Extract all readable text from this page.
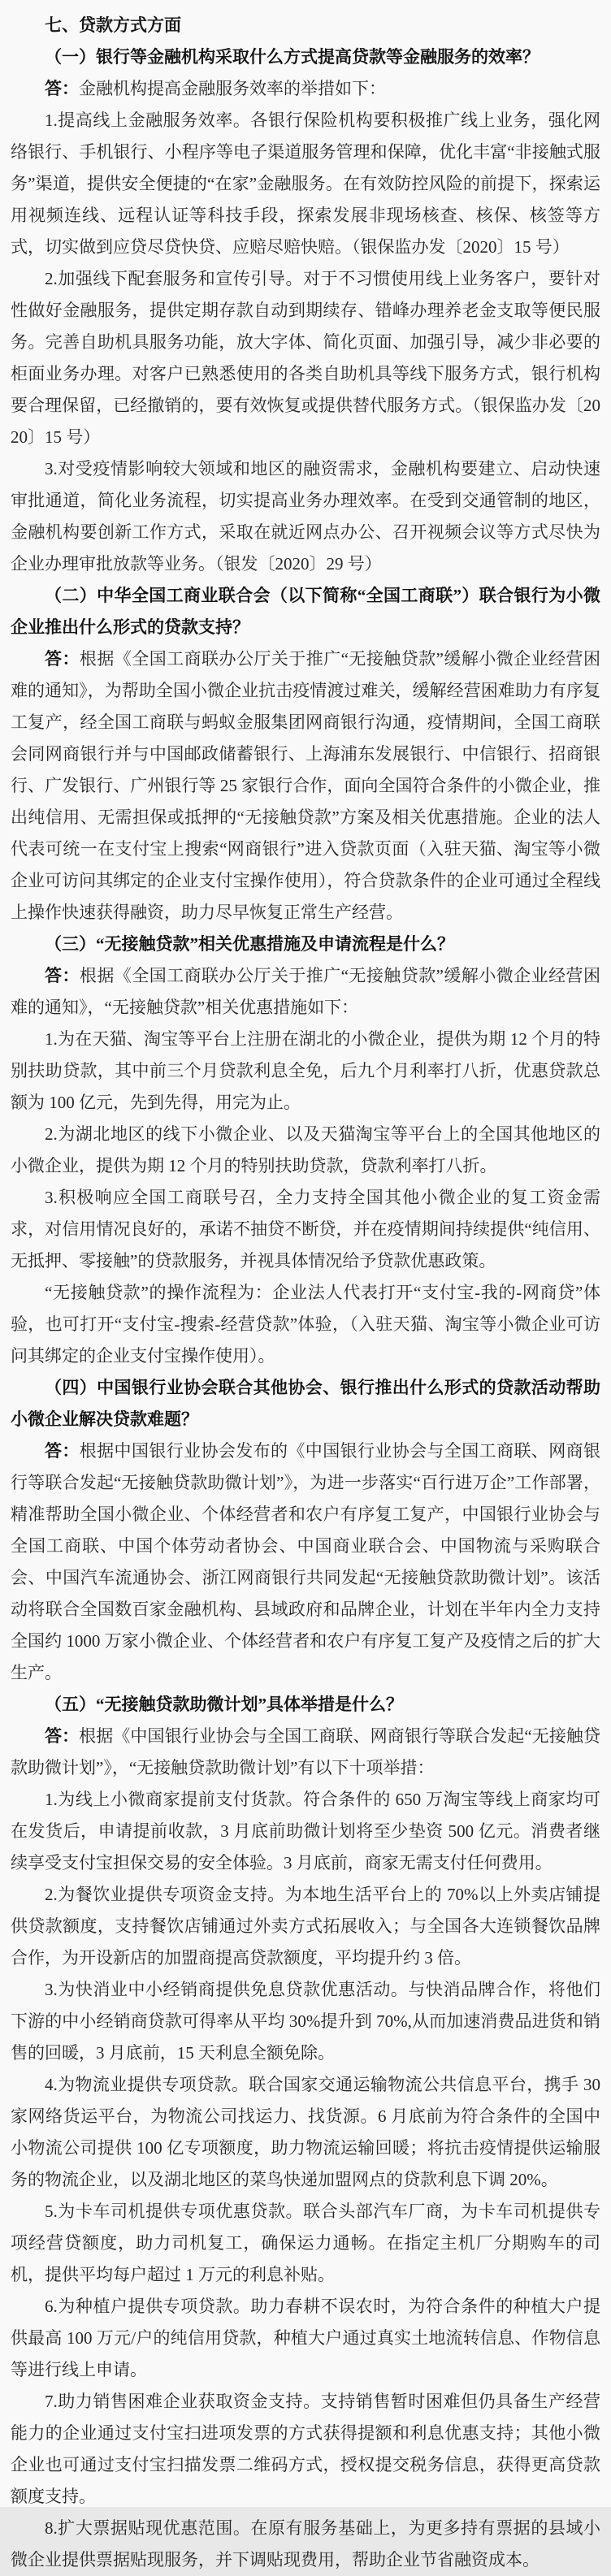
七、贷款方式方面

（一）银行等金融机构采取什么方式提高贷款等金融服务的效率？

答：金融机构提高金融服务效率的举措如下：

1.提高线上金融服务效率。各银行保险机构要积极推广线上业务，强化网络银行、手机银行、小程序等电子渠道服务管理和保障，优化丰富“非接触式服务”渠道，提供安全便捷的“在家”金融服务。在有效防控风险的前提下，探索运用视频连线、远程认证等科技手段，探索发展非现场核查、核保、核签等方式，切实做到应贷尽贷快贷、应赔尽赔快赔。（银保监办发〔2020〕15 号）

2.加强线下配套服务和宣传引导。对于不习惯使用线上业务客户，要针对性做好金融服务，提供定期存款自动到期续存、错峰办理养老金支取等便民服务。完善自助机具服务功能，放大字体、简化页面、加强引导，减少非必要的柜面业务办理。对客户已熟悉使用的各类自助机具等线下服务方式，银行机构要合理保留，已经撤销的，要有效恢复或提供替代服务方式。（银保监办发〔2020〕15 号）

3.对受疫情影响较大领域和地区的融资需求，金融机构要建立、启动快速审批通道，简化业务流程，切实提高业务办理效率。在受到交通管制的地区，金融机构要创新工作方式，采取在就近网点办公、召开视频会议等方式尽快为企业办理审批放款等业务。（银发〔2020〕29 号）

（二）中华全国工商业联合会（以下简称“全国工商联”）联合银行为小微企业推出什么形式的贷款支持？

答：根据《全国工商联办公厅关于推广“无接触贷款”缓解小微企业经营困难的通知》，为帮助全国小微企业抗击疫情渡过难关，缓解经营困难助力有序复工复产，经全国工商联与蚂蚁金服集团网商银行沟通，疫情期间，全国工商联会同网商银行并与中国邮政储蓄银行、上海浦东发展银行、中信银行、招商银行、广发银行、广州银行等 25 家银行合作，面向全国符合条件的小微企业，推出纯信用、无需担保或抵押的“无接触贷款”方案及相关优惠措施。企业的法人代表可统一在支付宝上搜索“网商银行”进入贷款页面（入驻天猫、淘宝等小微企业可访问其绑定的企业支付宝操作使用），符合贷款条件的企业可通过全程线上操作快速获得融资，助力尽早恢复正常生产经营。

（三）“无接触贷款”相关优惠措施及申请流程是什么？

答：根据《全国工商联办公厅关于推广“无接触贷款”缓解小微企业经营困难的通知》，“无接触贷款”相关优惠措施如下：

1.为在天猫、淘宝等平台上注册在湖北的小微企业，提供为期 12 个月的特别扶助贷款，其中前三个月贷款利息全免，后九个月利率打八折，优惠贷款总额为 100 亿元，先到先得，用完为止。

2.为湖北地区的线下小微企业、以及天猫淘宝等平台上的全国其他地区的小微企业，提供为期 12 个月的特别扶助贷款，贷款利率打八折。

3.积极响应全国工商联号召，全力支持全国其他小微企业的复工资金需求，对信用情况良好的，承诺不抽贷不断贷，并在疫情期间持续提供“纯信用、无抵押、零接触”的贷款服务，并视具体情况给予贷款优惠政策。

“无接触贷款”的操作流程为：企业法人代表打开“支付宝-我的-网商贷”体验，也可打开“支付宝-搜索-经营贷款”体验，（入驻天猫、淘宝等小微企业可访问其绑定的企业支付宝操作使用）。

（四）中国银行业协会联合其他协会、银行推出什么形式的贷款活动帮助小微企业解决贷款难题？

答：根据中国银行业协会发布的《中国银行业协会与全国工商联、网商银行等联合发起“无接触贷款助微计划”》，为进一步落实“百行进万企”工作部署，精准帮助全国小微企业、个体经营者和农户有序复工复产，中国银行业协会与全国工商联、中国个体劳动者协会、中国商业联合会、中国物流与采购联合会、中国汽车流通协会、浙江网商银行共同发起“无接触贷款助微计划”。该活动将联合全国数百家金融机构、县域政府和品牌企业，计划在半年内全力支持全国约 1000 万家小微企业、个体经营者和农户有序复工复产及疫情之后的扩大生产。

（五）“无接触贷款助微计划”具体举措是什么？

答：根据《中国银行业协会与全国工商联、网商银行等联合发起“无接触贷款助微计划”》，“无接触贷款助微计划”有以下十项举措：

1.为线上小微商家提前支付货款。符合条件的 650 万淘宝等线上商家均可在发货后，申请提前收款，3 月底前助微计划将至少垫资 500 亿元。消费者继续享受支付宝担保交易的安全体验。3 月底前，商家无需支付任何费用。

2.为餐饮业提供专项资金支持。为本地生活平台上的 70%以上外卖店铺提供贷款额度，支持餐饮店铺通过外卖方式拓展收入；与全国各大连锁餐饮品牌合作，为开设新店的加盟商提高贷款额度，平均提升约 3 倍。

3.为快消业中小经销商提供免息贷款优惠活动。与快消品牌合作，将他们下游的中小经销商贷款可得率从平均 30%提升到 70%,从而加速消费品进货和销售的回暖，3 月底前，15 天利息全额免除。

4.为物流业提供专项贷款。联合国家交通运输物流公共信息平台，携手 30 家网络货运平台，为物流公司找运力、找货源。6 月底前为符合条件的全国中小物流公司提供 100 亿专项额度，助力物流运输回暖；将抗击疫情提供运输服务的物流企业，以及湖北地区的菜鸟快递加盟网点的贷款利息下调 20%。

5.为卡车司机提供专项优惠贷款。联合头部汽车厂商，为卡车司机提供专项经营贷额度，助力司机复工，确保运力通畅。在指定主机厂分期购车的司机，提供平均每户超过 1 万元的利息补贴。

6.为种植户提供专项贷款。助力春耕不误农时，为符合条件的种植大户提供最高 100 万元/户的纯信用贷款，种植大户通过真实土地流转信息、作物信息等进行线上申请。

7.助力销售困难企业获取资金支持。支持销售暂时困难但仍具备生产经营能力的企业通过支付宝扫进项发票的方式获得提额和利息优惠支持；其他小微企业也可通过支付宝扫描发票二维码方式，授权提交税务信息，获得更高贷款额度支持。

8.扩大票据贴现优惠范围。在原有服务基础上，为更多持有票据的县域小微企业提供票据贴现服务，并下调贴现费用，帮助企业节省融资成本。
